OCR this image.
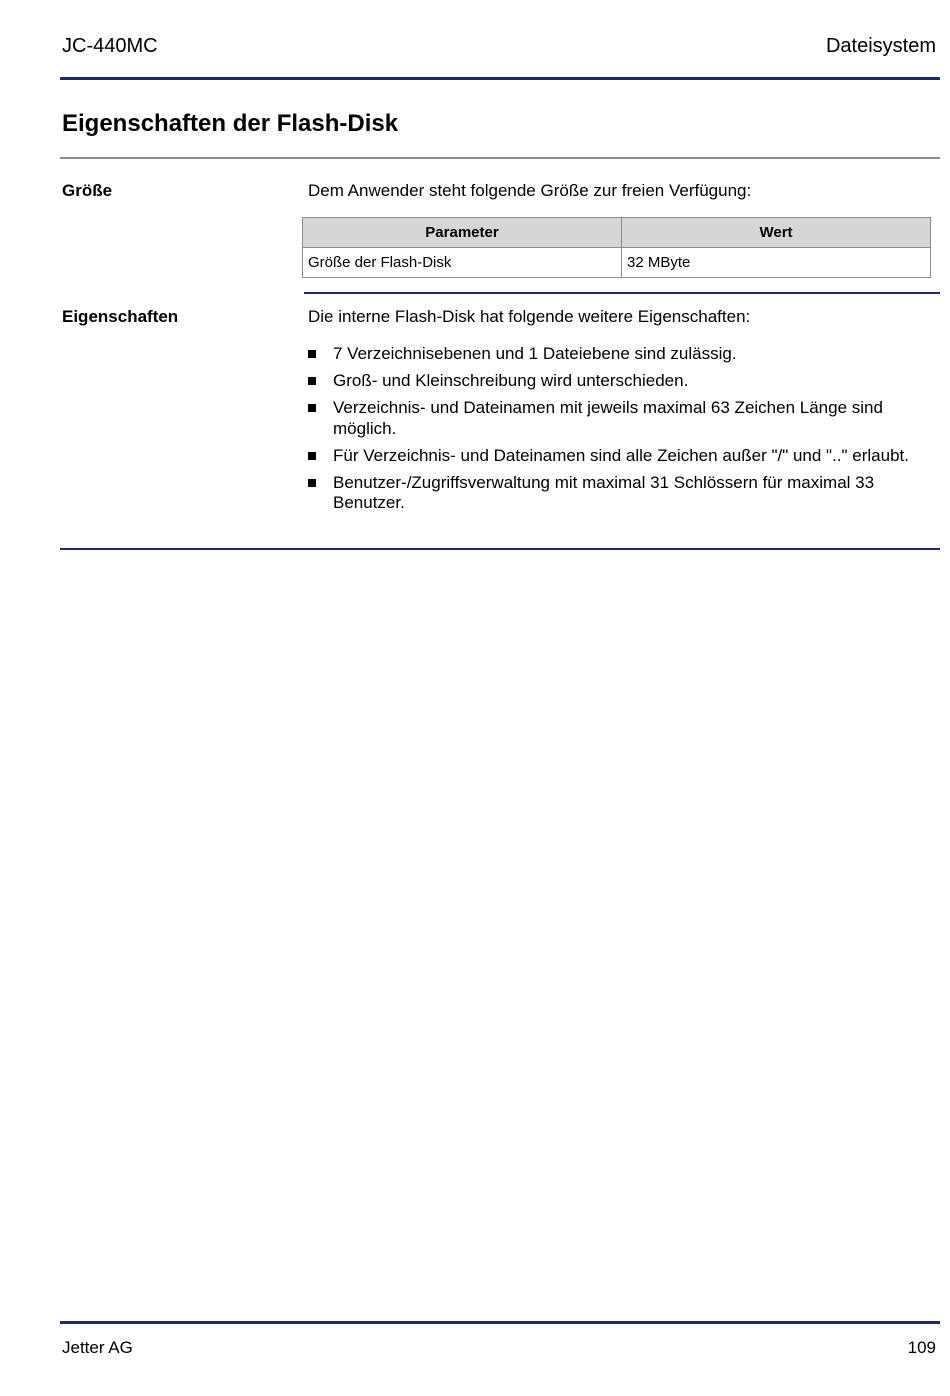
JC-440MC	Dateisystem
Eigenschaften der Flash-Disk
Größe	Dem Anwender steht folgende Größe zur freien Verfügung:
Parameter	Wert
Größe der Flash-Disk	32 MByte
Eigenschaften	Die interne Flash-Disk hat folgende weitere Eigenschaften:
7 Verzeichnisebenen und 1 Dateiebene sind zulässig.
Groß- und Kleinschreibung wird unterschieden.
Verzeichnis- und Dateinamen mit jeweils maximal 63 Zeichen Länge sind möglich.
Für Verzeichnis- und Dateinamen sind alle Zeichen außer "/" und ".." erlaubt.
Benutzer-/Zugriffsverwaltung mit maximal 31 Schlössern für maximal 33 Benutzer.
Jetter AG	109
